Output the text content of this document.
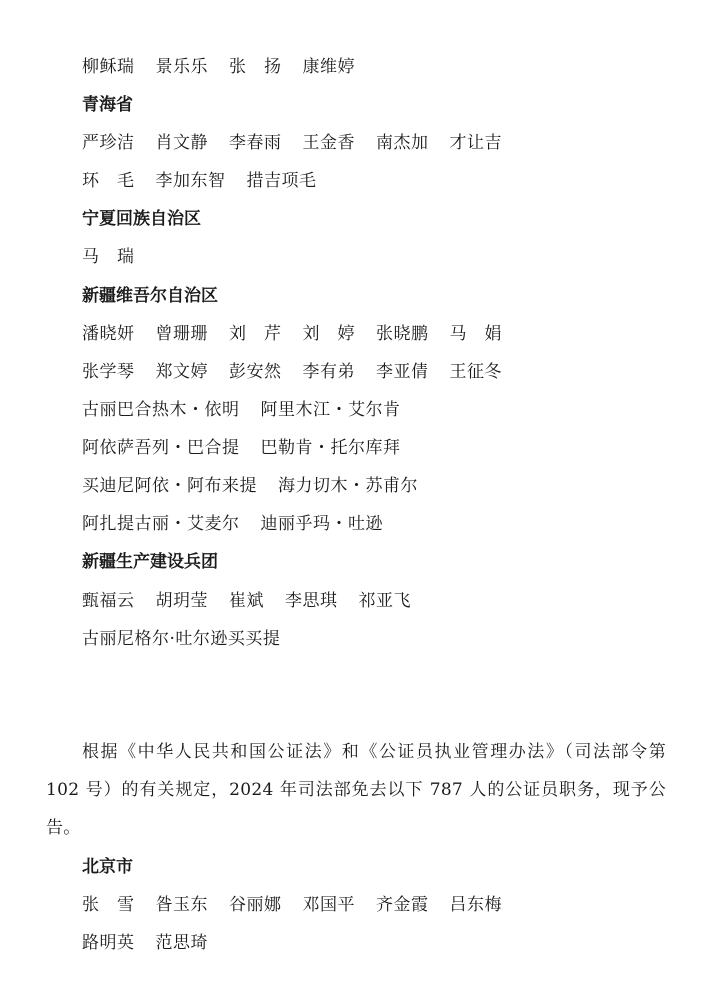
柳稣瑞 景乐乐 张　扬 康维婷
青海省
严珍洁 肖文静 李春雨 王金香 南杰加 才让吉
环　毛 李加东智 措吉项毛
宁夏回族自治区
马　瑞
新疆维吾尔自治区
潘晓妍 曾珊珊 刘　芹 刘　婷 张晓鹏 马　娟
张学琴 郑文婷 彭安然 李有弟 李亚倩 王征冬
古丽巴合热木・依明 阿里木江・艾尔肯
阿依萨吾列・巴合提 巴勒肯・托尔库拜
买迪尼阿依・阿布来提 海力切木・苏甫尔
阿扎提古丽・艾麦尔 迪丽乎玛・吐逊
新疆生产建设兵团
甄福云 胡玥莹 崔斌 李思琪 祁亚飞
古丽尼格尔·吐尔逊买买提
根据《中华人民共和国公证法》和《公证员执业管理办法》（司法部令第 102 号）的有关规定，2024 年司法部免去以下 787 人的公证员职务，现予公告。
北京市
张　雪 昝玉东 谷丽娜 邓国平 齐金霞 吕东梅
路明英 范思琦
